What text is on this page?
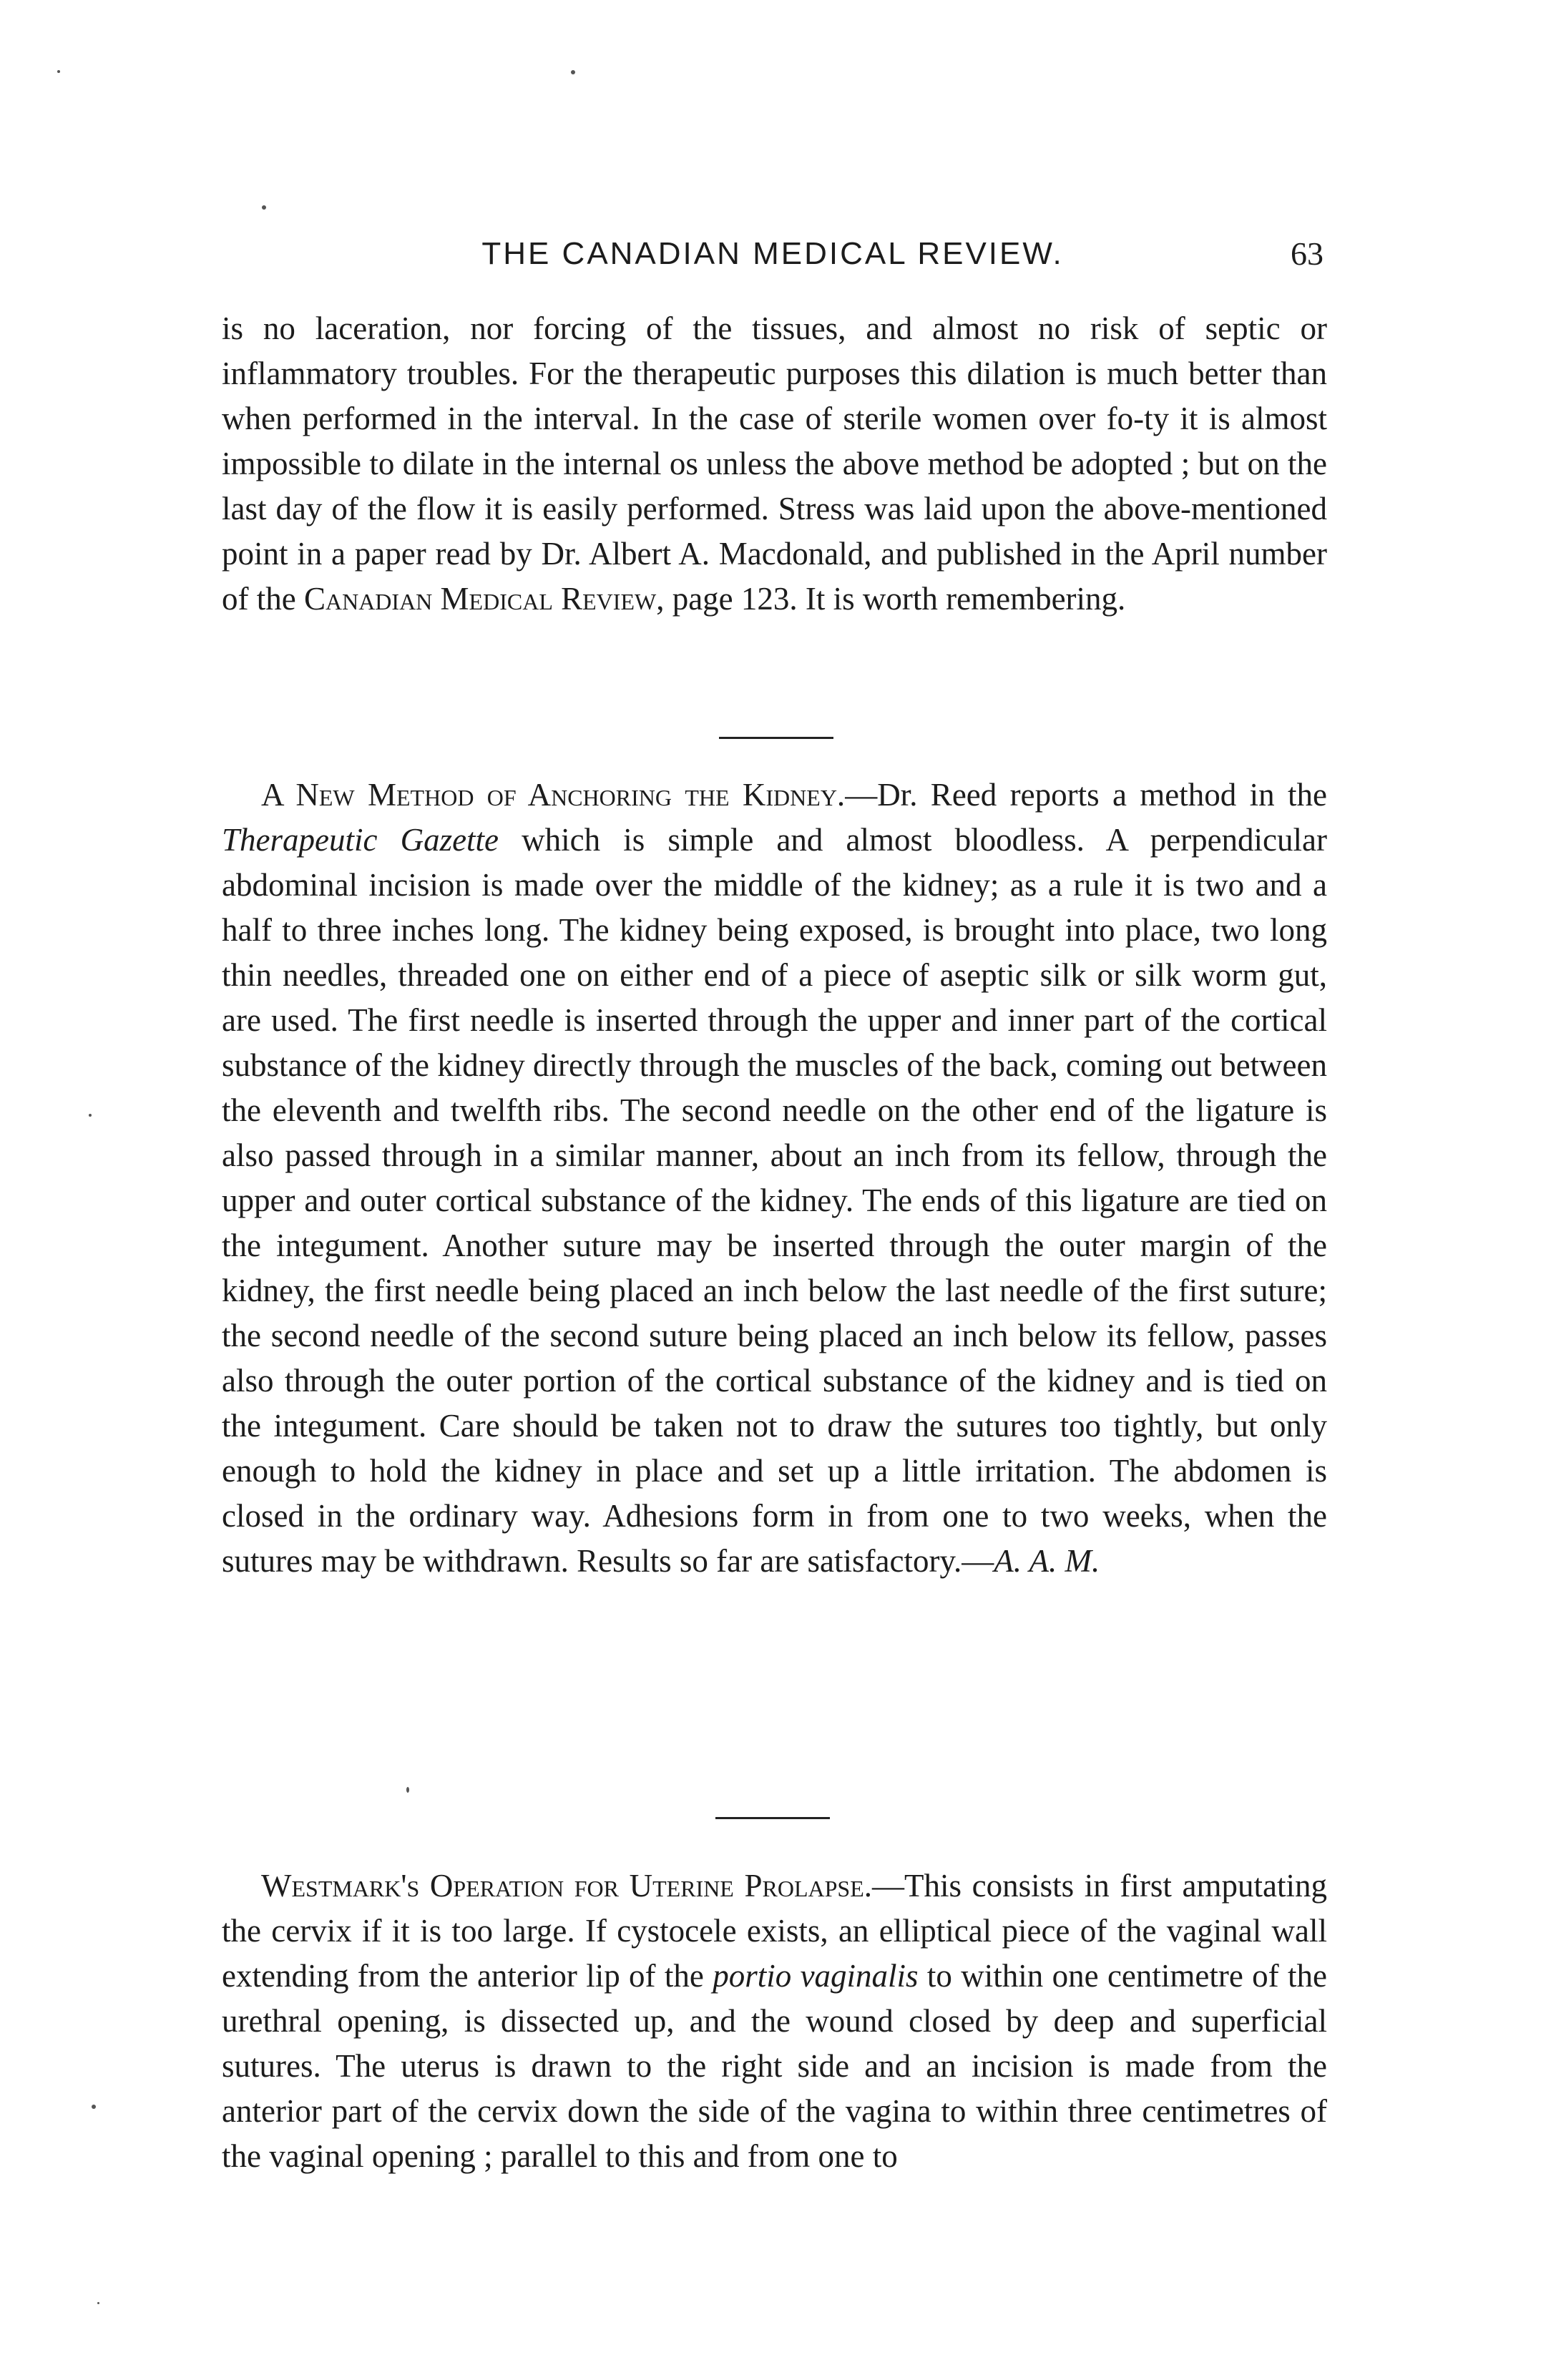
THE CANADIAN MEDICAL REVIEW.	63

is no laceration, nor forcing of the tissues, and almost no risk of septic or inflammatory troubles. For the therapeutic purposes this dilation is much better than when performed in the interval. In the case of sterile women over fo-ty it is almost impossible to dilate in the internal os unless the above method be adopted ; but on the last day of the flow it is easily performed. Stress was laid upon the above-mentioned point in a paper read by Dr. Albert A. Macdonald, and published in the April number of the Canadian Medical Review, page 123. It is worth remembering.

A New Method of Anchoring the Kidney.—Dr. Reed reports a method in the Therapeutic Gazette which is simple and almost bloodless. A perpendicular abdominal incision is made over the middle of the kidney; as a rule it is two and a half to three inches long. The kidney being exposed, is brought into place, two long thin needles, threaded one on either end of a piece of aseptic silk or silk worm gut, are used. The first needle is inserted through the upper and inner part of the cortical substance of the kidney directly through the muscles of the back, coming out between the eleventh and twelfth ribs. The second needle on the other end of the ligature is also passed through in a similar manner, about an inch from its fellow, through the upper and outer cortical substance of the kidney. The ends of this ligature are tied on the integument. Another suture may be inserted through the outer margin of the kidney, the first needle being placed an inch below the last needle of the first suture; the second needle of the second suture being placed an inch below its fellow, passes also through the outer portion of the cortical substance of the kidney and is tied on the integument. Care should be taken not to draw the sutures too tightly, but only enough to hold the kidney in place and set up a little irritation. The abdomen is closed in the ordinary way. Adhesions form in from one to two weeks, when the sutures may be withdrawn. Results so far are satisfactory.—A. A. M.

Westmark's Operation for Uterine Prolapse.—This consists in first amputating the cervix if it is too large. If cystocele exists, an elliptical piece of the vaginal wall extending from the anterior lip of the portio vaginalis to within one centimetre of the urethral opening, is dissected up, and the wound closed by deep and superficial sutures. The uterus is drawn to the right side and an incision is made from the anterior part of the cervix down the side of the vagina to within three centimetres of the vaginal opening ; parallel to this and from one to
